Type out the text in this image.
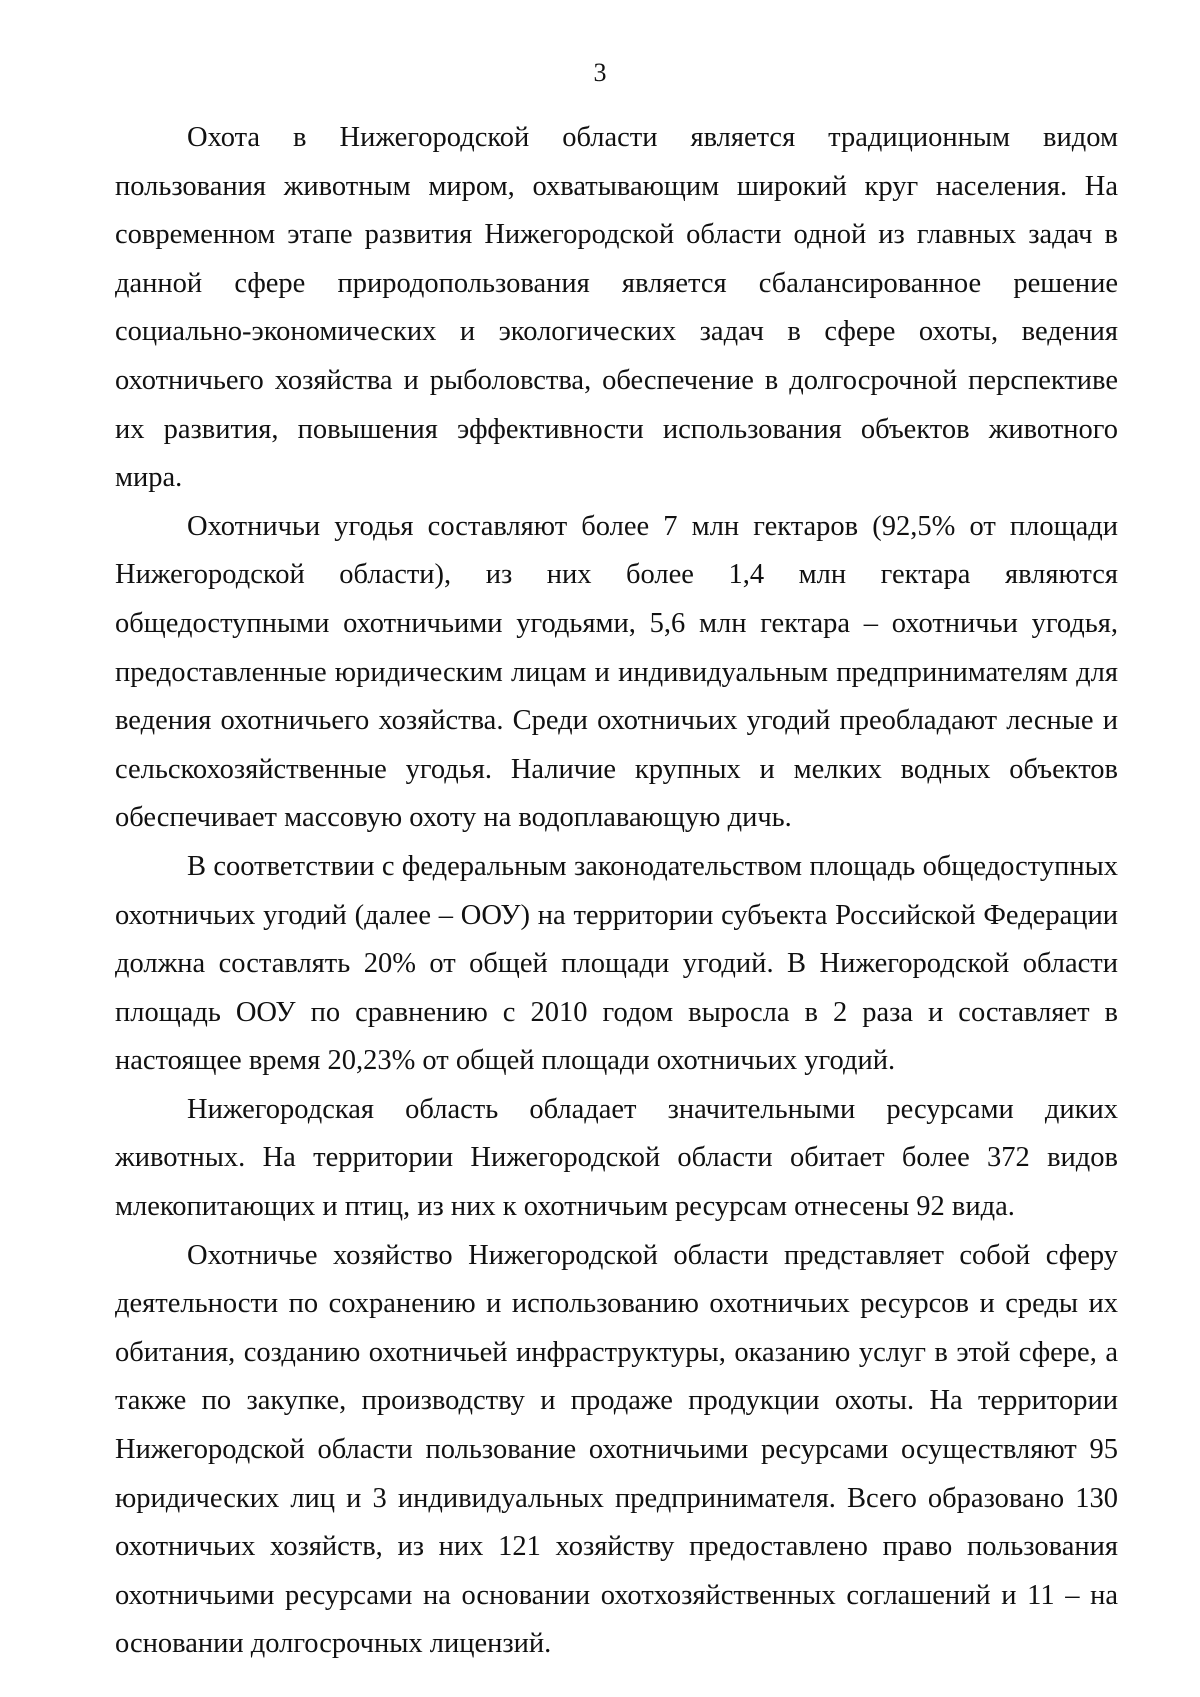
3

Охота в Нижегородской области является традиционным видом пользования животным миром, охватывающим широкий круг населения. На современном этапе развития Нижегородской области одной из главных задач в данной сфере природопользования является сбалансированное решение социально-экономических и экологических задач в сфере охоты, ведения охотничьего хозяйства и рыболовства, обеспечение в долгосрочной перспективе их развития, повышения эффективности использования объектов животного мира.

Охотничьи угодья составляют более 7 млн гектаров (92,5% от площади Нижегородской области), из них более 1,4 млн гектара являются общедоступными охотничьими угодьями, 5,6 млн гектара – охотничьи угодья, предоставленные юридическим лицам и индивидуальным предпринимателям для ведения охотничьего хозяйства. Среди охотничьих угодий преобладают лесные и сельскохозяйственные угодья. Наличие крупных и мелких водных объектов обеспечивает массовую охоту на водоплавающую дичь.

В соответствии с федеральным законодательством площадь общедоступных охотничьих угодий (далее – ООУ) на территории субъекта Российской Федерации должна составлять 20% от общей площади угодий. В Нижегородской области площадь ООУ по сравнению с 2010 годом выросла в 2 раза и составляет в настоящее время 20,23% от общей площади охотничьих угодий.

Нижегородская область обладает значительными ресурсами диких животных. На территории Нижегородской области обитает более 372 видов млекопитающих и птиц, из них к охотничьим ресурсам отнесены 92 вида.

Охотничье хозяйство Нижегородской области представляет собой сферу деятельности по сохранению и использованию охотничьих ресурсов и среды их обитания, созданию охотничьей инфраструктуры, оказанию услуг в этой сфере, а также по закупке, производству и продаже продукции охоты. На территории Нижегородской области пользование охотничьими ресурсами осуществляют 95 юридических лиц и 3 индивидуальных предпринимателя. Всего образовано 130 охотничьих хозяйств, из них 121 хозяйству предоставлено право пользования охотничьими ресурсами на основании охотхозяйственных соглашений и 11 – на основании долгосрочных лицензий.
